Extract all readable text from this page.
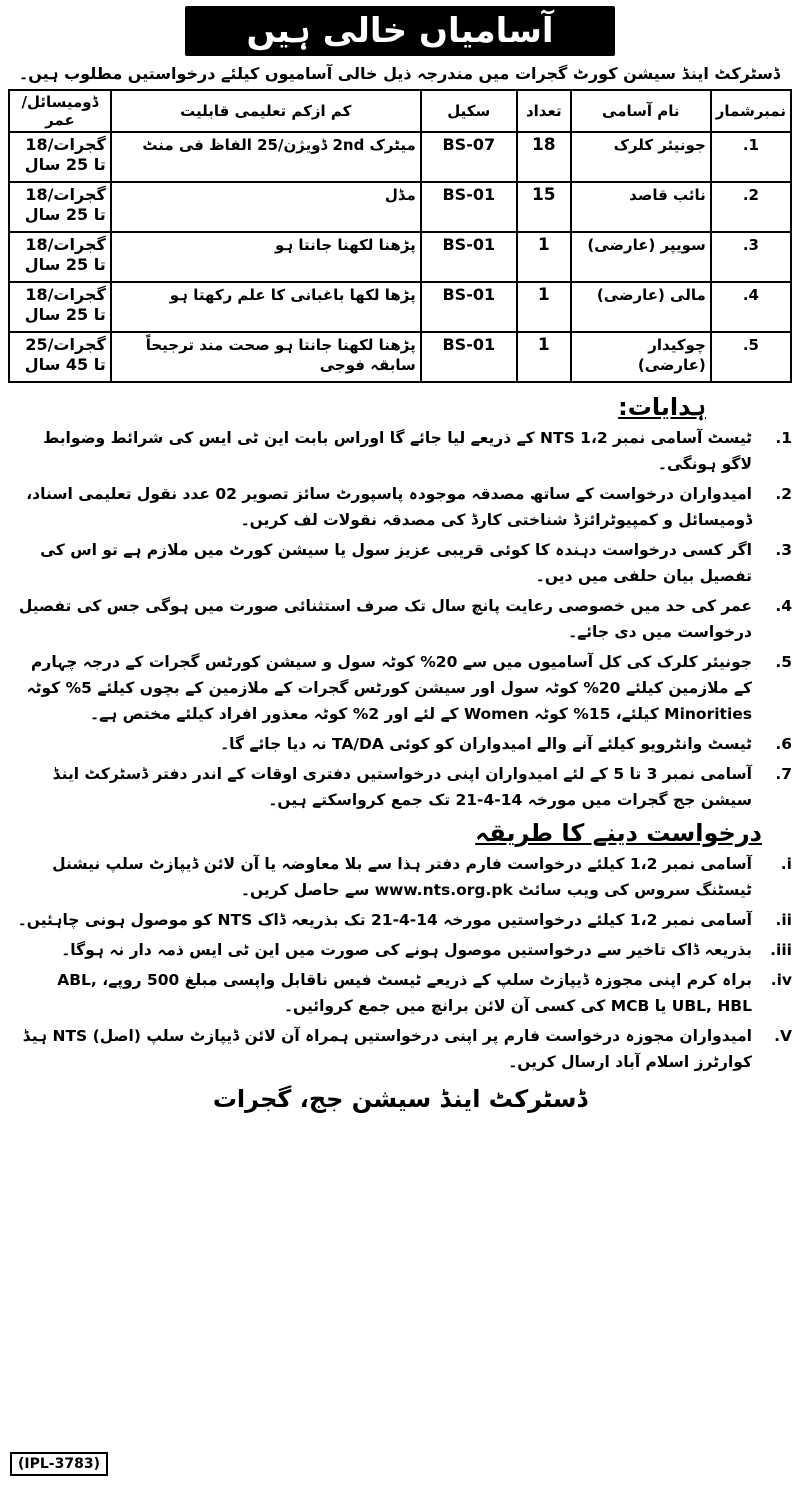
آسامیاں خالی ہیں
ڈسٹرکٹ اینڈ سیشن کورٹ گجرات میں مندرجہ ذیل خالی آسامیوں کیلئے درخواستیں مطلوب ہیں۔
نمبرشمار	نام آسامی	تعداد	سکیل	کم ازکم تعلیمی قابلیت	ڈومیسائل/عمر
1.	جونیئر کلرک	18	BS-07	میٹرک 2nd ڈویژن/25 الفاظ فی منٹ	گجرات/18 تا 25 سال
2.	نائب قاصد	15	BS-01	مڈل	گجرات/18 تا 25 سال
3.	سویپر (عارضی)	1	BS-01	پڑھنا لکھنا جانتا ہو	گجرات/18 تا 25 سال
4.	مالی (عارضی)	1	BS-01	پڑھا لکھا باغبانی کا علم رکھتا ہو	گجرات/18 تا 25 سال
5.	چوکیدار (عارضی)	1	BS-01	پڑھنا لکھنا جانتا ہو صحت مند ترجیحاً سابقہ فوجی	گجرات/25 تا 45 سال
ہدایات:
1.
ٹیسٹ آسامی نمبر 1،2 NTS کے ذریعے لیا جائے گا اوراس بابت این ٹی ایس کی شرائط وضوابط لاگو ہونگی۔
2.
امیدواران درخواست کے ساتھ مصدقہ موجودہ پاسپورٹ سائز تصویر 02 عدد نقول تعلیمی اسناد، ڈومیسائل و کمپیوٹرائزڈ شناختی کارڈ کی مصدقہ نقولات لف کریں۔
3.
اگر کسی درخواست دہندہ کا کوئی قریبی عزیز سول یا سیشن کورٹ میں ملازم ہے تو اس کی تفصیل بیان حلفی میں دیں۔
4.
عمر کی حد میں خصوصی رعایت پانچ سال تک صرف استثنائی صورت میں ہوگی جس کی تفصیل درخواست میں دی جائے۔
5.
جونیئر کلرک کی کل آسامیوں میں سے 20% کوٹہ سول و سیشن کورٹس گجرات کے درجہ چہارم کے ملازمین کیلئے 20% کوٹہ سول اور سیشن کورٹس گجرات کے ملازمین کے بچوں کیلئے 5% کوٹہ Minorities کیلئے، 15% کوٹہ Women کے لئے اور 2% کوٹہ معذور افراد کیلئے مختص ہے۔
6.
ٹیسٹ وانٹرویو کیلئے آنے والے امیدواران کو کوئی TA/DA نہ دیا جائے گا۔
7.
آسامی نمبر 3 تا 5 کے لئے امیدواران اپنی درخواستیں دفتری اوقات کے اندر دفتر ڈسٹرکٹ اینڈ سیشن جج گجرات میں مورخہ 14-4-21 تک جمع کرواسکتے ہیں۔
درخواست دینے کا طریقہ
i.
آسامی نمبر 1،2 کیلئے درخواست فارم دفتر ہذا سے بلا معاوضہ یا آن لائن ڈیپازٹ سلپ نیشنل ٹیسٹنگ سروس کی ویب سائٹ www.nts.org.pk سے حاصل کریں۔
ii.
آسامی نمبر 1،2 کیلئے درخواستیں مورخہ 14-4-21 تک بذریعہ ڈاک NTS کو موصول ہونی چاہئیں۔
iii.
بذریعہ ڈاک تاخیر سے درخواستیں موصول ہونے کی صورت میں این ٹی ایس ذمہ دار نہ ہوگا۔
iv.
براہ کرم اپنی مجوزہ ڈیپازٹ سلپ کے ذریعے ٹیسٹ فیس ناقابل واپسی مبلغ 500 روپے، ABL, UBL, HBL یا MCB کی کسی آن لائن برانچ میں جمع کروائیں۔
V.
امیدواران مجوزہ درخواست فارم پر اپنی درخواستیں ہمراہ آن لائن ڈیپازٹ سلپ (اصل) NTS ہیڈ کوارٹرز اسلام آباد ارسال کریں۔
ڈسٹرکٹ اینڈ سیشن جج، گجرات
(IPL-3783)
